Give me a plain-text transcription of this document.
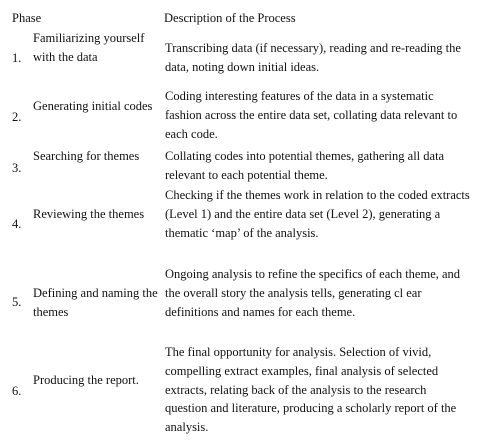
Phase	Description of the Process
1.
Familiarizing yourself with the data
Transcribing data (if necessary), reading and re-reading the data, noting down initial ideas.
2.
Generating initial codes
Coding interesting features of the data in a systematic fashion across the entire data set, collating data relevant to each code.
3.
Searching for themes	Collating codes into potential themes, gathering all data relevant to each potential theme.
4.
Reviewing the themes
Checking if the themes work in relation to the coded extracts (Level 1) and the entire data set (Level 2), generating a thematic ‘map’ of the analysis.
5.
Defining and naming the themes
Ongoing analysis to refine the specifics of each theme, and the overall story the analysis tells, generating cl ear definitions and names for each theme.
6.
Producing the report.
The final opportunity for analysis. Selection of vivid, compelling extract examples, final analysis of selected extracts, relating back of the analysis to the research question and literature, producing a scholarly report of the analysis.
